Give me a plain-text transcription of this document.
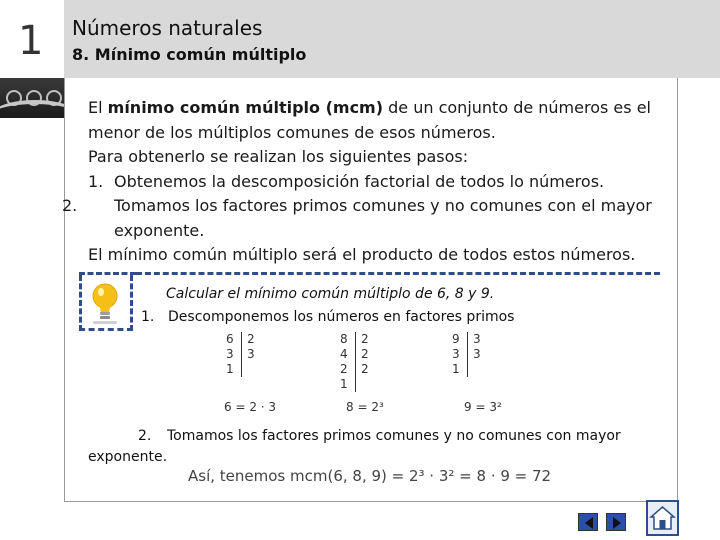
1 Números naturales
8. Mínimo común múltiplo

El mínimo común múltiplo (mcm) de un conjunto de números es el menor de los múltiplos comunes de esos números.

Para obtenerlo se realizan los siguientes pasos:

1. Obtenemos la descomposición factorial de todos lo números.

2. Tomamos los factores primos comunes y no comunes con el mayor exponente.

El mínimo común múltiplo será el producto de todos estos números.

Calcular el mínimo común múltiplo de 6, 8 y 9.
1. Descomponemos los números en factores primos
6
3
1
2
3
6 = 2 · 3
8
4
2
1
2
2
2
8 = 2³
9
3
1
3
3
9 = 3²
2. Tomamos los factores primos comunes y no comunes con mayor
exponente.
Así, tenemos mcm(6, 8, 9) = 2³ · 3² = 8 · 9 = 72
